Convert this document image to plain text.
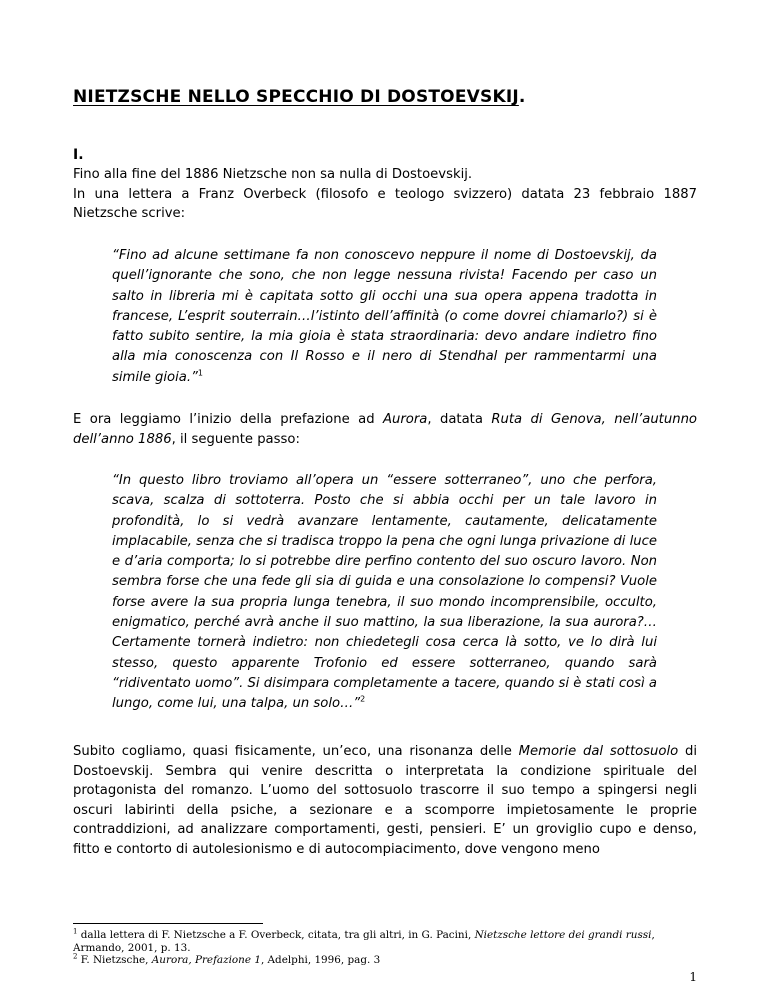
NIETZSCHE NELLO SPECCHIO DI DOSTOEVSKIJ.
I.
Fino alla fine del 1886 Nietzsche non sa nulla di Dostoevskij.
In una lettera a Franz Overbeck (filosofo e teologo svizzero) datata 23 febbraio 1887 Nietzsche scrive:
“Fino ad alcune settimane fa non conoscevo neppure il nome di Dostoevskij, da quell’ignorante che sono, che non legge nessuna rivista! Facendo per caso un salto in libreria mi è capitata sotto gli occhi una sua opera appena tradotta in francese, L’esprit souterrain…l’istinto dell’affinità (o come dovrei chiamarlo?) si è fatto subito sentire, la mia gioia è stata straordinaria: devo andare indietro fino alla mia conoscenza con Il Rosso e il nero di Stendhal per rammentarmi una simile gioia.”$^1$
E ora leggiamo l’inizio della prefazione ad Aurora, datata Ruta di Genova, nell’autunno dell’anno 1886, il seguente passo:
“In questo libro troviamo all’opera un “essere sotterraneo”, uno che perfora, scava, scalza di sottoterra. Posto che si abbia occhi per un tale lavoro in profondità, lo si vedrà avanzare lentamente, cautamente, delicatamente implacabile, senza che si tradisca troppo la pena che ogni lunga privazione di luce e d’aria comporta; lo si potrebbe dire perfino contento del suo oscuro lavoro. Non sembra forse che una fede gli sia di guida e una consolazione lo compensi? Vuole forse avere la sua propria lunga tenebra, il suo mondo incomprensibile, occulto, enigmatico, perché avrà anche il suo mattino, la sua liberazione, la sua aurora?… Certamente tornerà indietro: non chiedetegli cosa cerca là sotto, ve lo dirà lui stesso, questo apparente Trofonio ed essere sotterraneo, quando sarà “ridiventato uomo”. Si disimpara completamente a tacere, quando si è stati così a lungo, come lui, una talpa, un solo…”$^2$
Subito cogliamo, quasi fisicamente, un’eco, una risonanza delle Memorie dal sottosuolo di Dostoevskij. Sembra qui venire descritta o interpretata la condizione spirituale del protagonista del romanzo. L’uomo del sottosuolo trascorre il suo tempo a spingersi negli oscuri labirinti della psiche, a sezionare e a scomporre impietosamente le proprie contraddizioni, ad analizzare comportamenti, gesti, pensieri. E’ un groviglio cupo e denso, fitto e contorto di autolesionismo e di autocompiacimento, dove vengono meno
$^1$ dalla lettera di F. Nietzsche a F. Overbeck, citata, tra gli altri, in G. Pacini, Nietzsche lettore dei grandi russi, Armando, 2001, p. 13.
$^2$ F. Nietzsche, Aurora, Prefazione 1, Adelphi, 1996, pag. 3
1
